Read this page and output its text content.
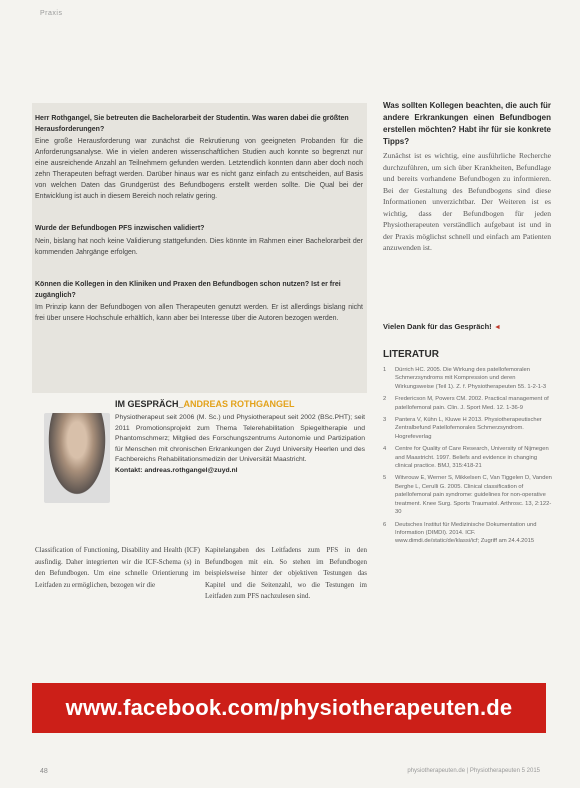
Praxis

Herr Rothgangel, Sie betreuten die Bachelorarbeit der Studentin. Was waren dabei die größten Herausforderungen?

Eine große Herausforderung war zunächst die Rekrutierung von geeigneten Probanden für die Anforderungsanalyse. Wie in vielen anderen wissenschaftlichen Studien auch konnte so begrenzt nur eine ausreichende Anzahl an Teilnehmern gefunden werden. Letztendlich konnten dann aber doch noch zehn Therapeuten befragt werden. Darüber hinaus war es nicht ganz einfach zu entscheiden, auf Basis von welchen Daten das Grundgerüst des Befundbogens erstellt werden sollte. Die Qual bei der Entwicklung ist auch in diesem Bereich noch relativ gering.

Wurde der Befundbogen PFS inzwischen validiert?

Nein, bislang hat noch keine Validierung stattgefunden. Dies könnte im Rahmen einer Bachelorarbeit der kommenden Jahrgänge erfolgen.

Können die Kollegen in den Kliniken und Praxen den Befundbogen schon nutzen? Ist er frei zugänglich?

Im Prinzip kann der Befundbogen von allen Therapeuten genutzt werden. Er ist allerdings bislang nicht frei über unsere Hochschule erhältlich, kann aber bei Interesse über die Autoren bezogen werden.

IM GESPRÄCH_ANDREAS ROTHGANGEL

Physiotherapeut seit 2006 (M. Sc.) und Physiotherapeut seit 2002 (BSc.PHT); seit 2011 Promotionsprojekt zum Thema Telerehabilitation Spiegeltherapie und Phantomschmerz; Mitglied des Forschungszentrums Autonomie und Partizipation für Menschen mit chronischen Erkrankungen der Zuyd University Heerlen und des Fachbereichs Rehabilitationsmedizin der Universität Maastricht.
Kontakt: andreas.rothgangel@zuyd.nl

Classification of Functioning, Disability and Health (ICF) ausfindig. Daher integrierten wir die ICF-Schema (s) in den Befundbogen. Um eine schnelle Orientierung im Leitfaden zu ermöglichen, bezogen wir die

Kapitelangaben des Leitfadens zum PFS in den Befundbogen mit ein. So stehen im Befundbogen beispielsweise hinter der objektiven Testungen das Kapitel und die Seitenzahl, wo die Testungen im Leitfaden zum PFS nachzulesen sind.

Was sollten Kollegen beachten, die auch für andere Erkrankungen einen Befundbogen erstellen möchten? Habt ihr für sie konkrete Tipps?

Zunächst ist es wichtig, eine ausführliche Recherche durchzuführen, um sich über Krankheiten, Befundlage und bereits vorhandene Befundbogen zu informieren. Bei der Gestaltung des Befundbogens sind diese Informationen unverzichtbar. Der Weiteren ist es wichtig, dass der Befundbogen für jeden Physiotherapeuten verständlich aufgebaut ist und in der Praxis möglichst schnell und einfach am Patienten anzuwenden ist.

Vielen Dank für das Gespräch! ◂
LITERATUR
1	Dürrich HC. 2005. Die Wirkung des patellofemoralen Schmerzsyndroms mit Kompression und deren Wirkungsweise (Teil 1). Z. f. Physiotherapeuten 55. 1-2-1-3
2	Fredericson M, Powers CM. 2002. Practical management of patellofemoral pain. Clin. J. Sport Med. 12. 1-36-9
3	Pantera V, Kühn L, Kluwe H 2013. Physiotherapeutischer Zentralbefund Patellofemorales Schmerzsyndrom. Hogrefeverlag
4	Centre for Quality of Care Research, University of Nijmegen and Maastricht. 1997. Beliefs and evidence in changing clinical practice. BMJ, 315:418-21
5	Witvrouw E, Werner S, Mikkelsen C, Van Tiggelen D, Vanden Berghe L, Cerulli G. 2005. Clinical classification of patellofemoral pain syndrome: guidelines for non-operative treatment. Knee Surg. Sports Traumatol. Arthrosc. 13, 2:122-30
6	Deutsches Institut für Medizinische Dokumentation und Information (DIMDI). 2014. ICF. www.dimdi.de/static/de/klassi/icf; Zugriff am 24.4.2015
www.facebook.com/physiotherapeuten.de
48	physiotherapeuten.de | Physiotherapeuten 5 2015
